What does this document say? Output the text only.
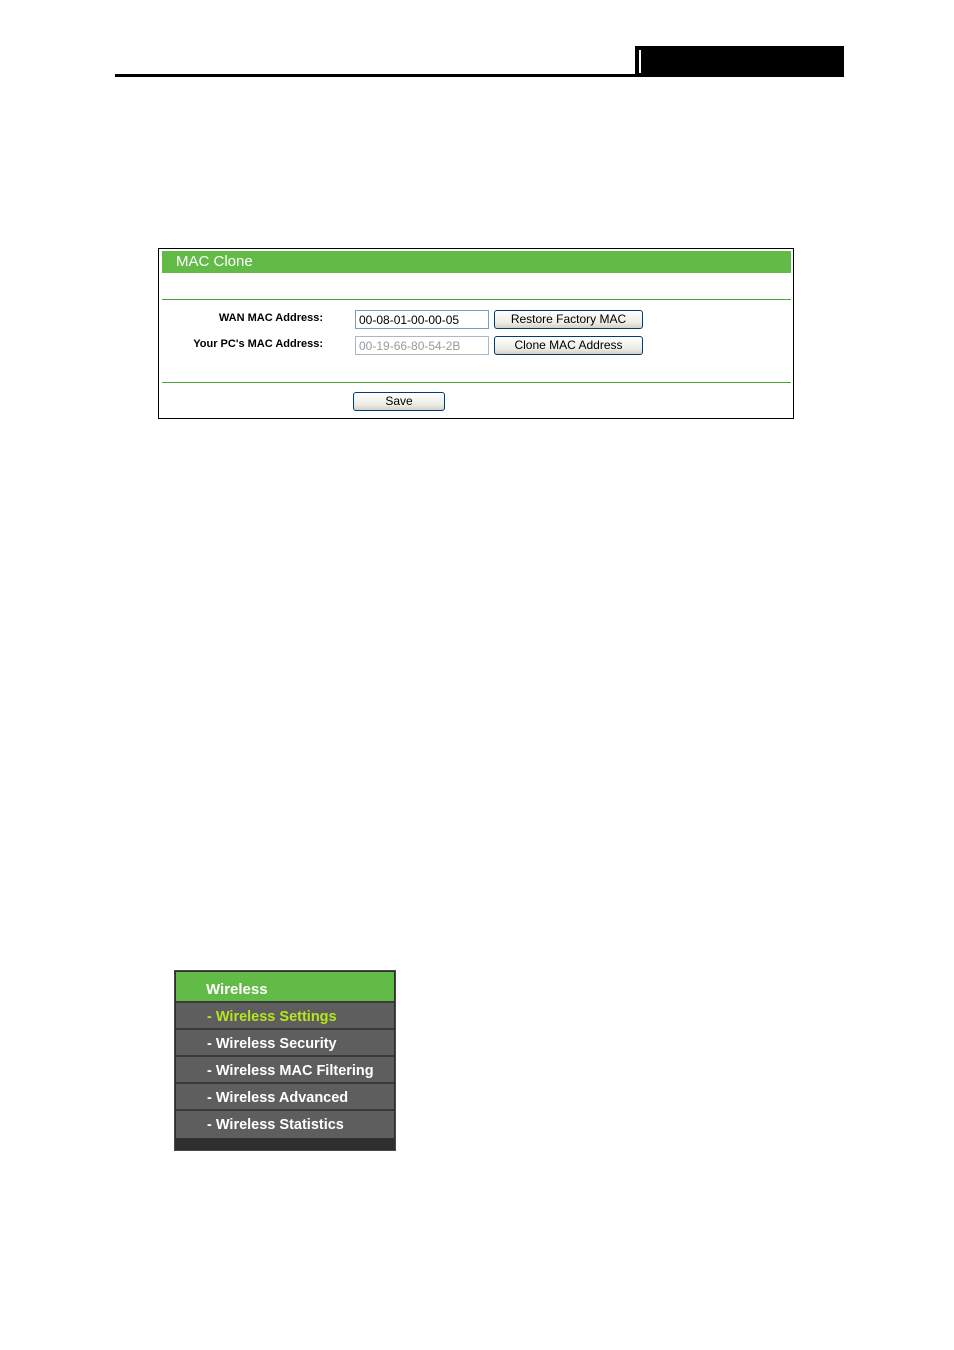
MAC Clone
WAN MAC Address:
00-08-01-00-00-05	Restore Factory MAC
Your PC's MAC Address:
00-19-66-80-54-2B	Clone MAC Address
Save
Wireless
- Wireless Settings
- Wireless Security
- Wireless MAC Filtering
- Wireless Advanced
- Wireless Statistics
